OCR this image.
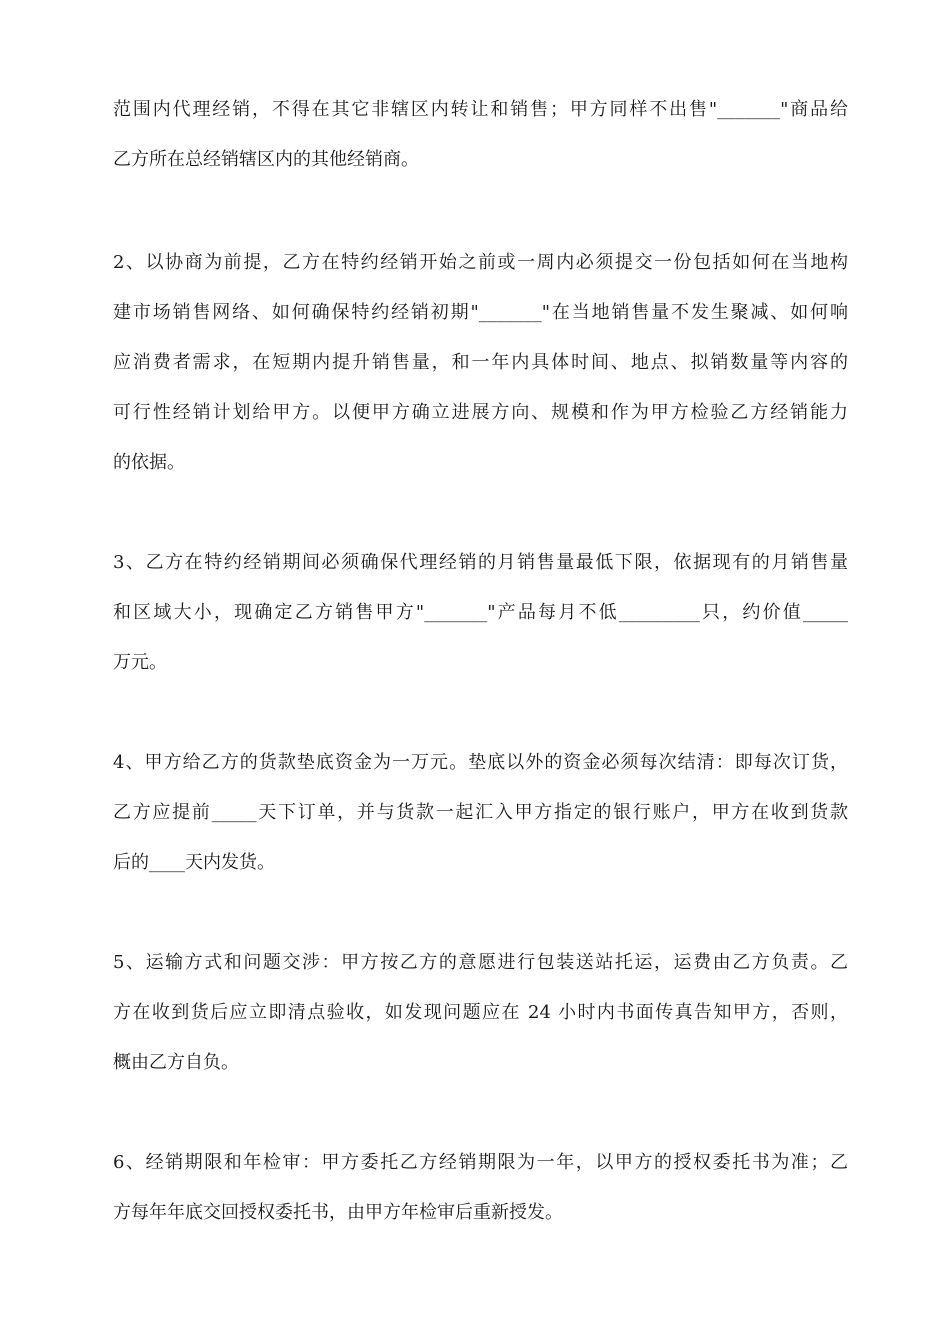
范围内代理经销，不得在其它非辖区内转让和销售；甲方同样不出售"_______"商品给
乙方所在总经销辖区内的其他经销商。
2、以协商为前提，乙方在特约经销开始之前或一周内必须提交一份包括如何在当地构
建市场销售网络、如何确保特约经销初期"_______"在当地销售量不发生聚减、如何响
应消费者需求，在短期内提升销售量，和一年内具体时间、地点、拟销数量等内容的
可行性经销计划给甲方。以便甲方确立进展方向、规模和作为甲方检验乙方经销能力
的依据。
3、乙方在特约经销期间必须确保代理经销的月销售量最低下限，依据现有的月销售量
和区域大小，现确定乙方销售甲方"_______"产品每月不低_________只，约价值_____
万元。
4、甲方给乙方的货款垫底资金为一万元。垫底以外的资金必须每次结清：即每次订货，
乙方应提前_____天下订单，并与货款一起汇入甲方指定的银行账户，甲方在收到货款
后的____天内发货。
5、运输方式和问题交涉：甲方按乙方的意愿进行包装送站托运，运费由乙方负责。乙
方在收到货后应立即清点验收，如发现问题应在 24 小时内书面传真告知甲方，否则，
概由乙方自负。
6、经销期限和年检审：甲方委托乙方经销期限为一年，以甲方的授权委托书为准；乙
方每年年底交回授权委托书，由甲方年检审后重新授发。
